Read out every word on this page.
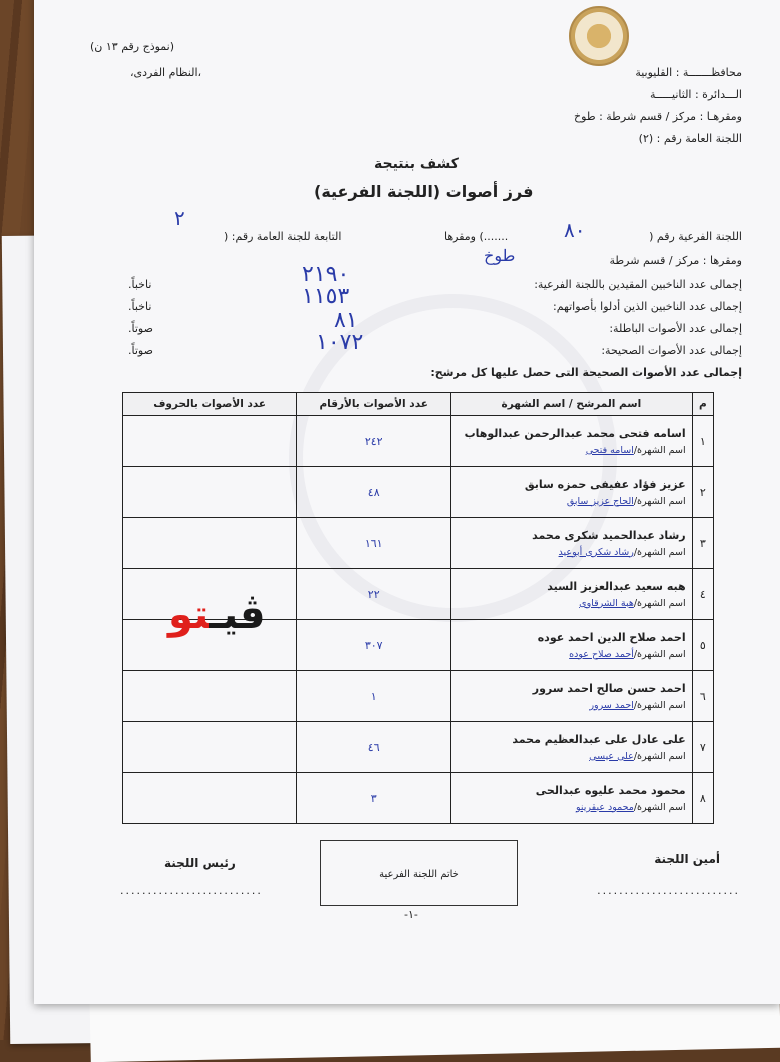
(نموذج رقم ١٣ ن)
،النظام الفردى،	محافظـــــــة : القليوبية
الـــدائرة : الثانيـــــة
ومقرهـا : مركز / قسم شرطة : طوخ
اللجنة العامة رقم : (٢)
كشف بنتيجة
فرز أصوات (اللجنة الفرعية)
اللجنة الفرعية رقم (
٨٠
.......) ومقرها
التابعة للجنة العامة رقم: (
٢
ومقرها : مركز / قسم شرطة
طوخ
إجمالى عدد الناخبين المقيدين باللجنة الفرعية:
٢١٩٠
ناخباً.
إجمالى عدد الناخبين الذين أدلوا بأصواتهم:
١١٥٣
ناخباً.
إجمالى عدد الأصوات الباطلة:
٨١
صوتاً.
إجمالى عدد الأصوات الصحيحة:
١٠٧٢
صوتاً.
إجمالى عدد الأصوات الصحيحة التى حصل عليها كل مرشح:
م	اسم المرشح / اسم الشهرة	عدد الأصوات بالأرقام	عدد الأصوات بالحروف
١	اسامه فتحى محمد عبدالرحمن عبدالوهاب
اسم الشهرة/اسامه فتحى	٢٤٢	
٢	عزيز فؤاد عفيفى حمزه سابق
اسم الشهرة/الحاج عزيز سابق	٤٨	
٣	رشاد عبدالحميد شكرى محمد
اسم الشهرة/رشاد شكرى أبوعيد	١٦١	
٤	هبه سعيد عبدالعزيز السيد
اسم الشهرة/هبة الشرقاوى	٢٢	
٥	احمد صلاح الدين احمد عوده
اسم الشهرة/أحمد صلاح عوده	٣٠٧	
٦	احمد حسن صالح احمد سرور
اسم الشهرة/احمد سرور	١	
٧	على عادل على عبدالعظيم محمد
اسم الشهرة/على عيسى	٤٦	
٨	محمود محمد عليوه عبدالحى
اسم الشهرة/محمود عبقرينو	٣	
ڤيـتو
أمين اللجنة
..........................
خاتم اللجنة الفرعية
رئيس اللجنة
..........................
-١-
